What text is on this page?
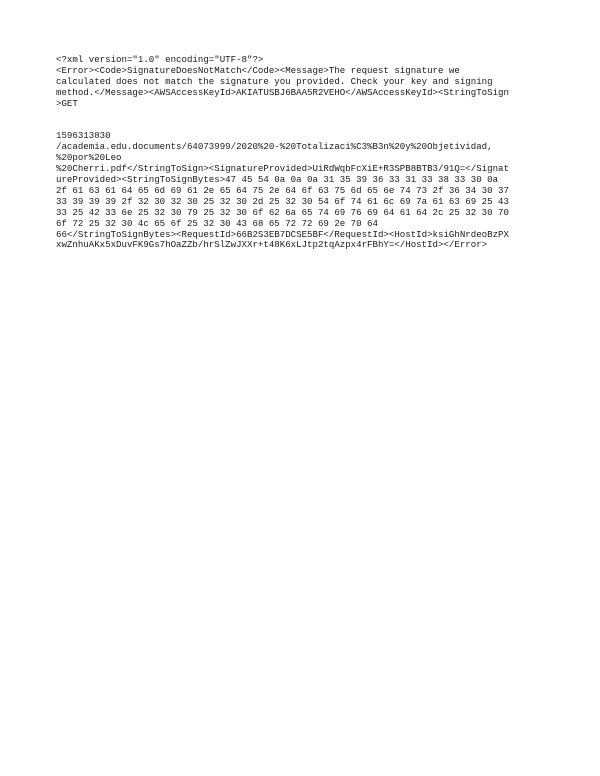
<?xml version="1.0" encoding="UTF-8"?>
<Error><Code>SignatureDoesNotMatch</Code><Message>The request signature we
calculated does not match the signature you provided. Check your key and signing
method.</Message><AWSAccessKeyId>AKIATUSBJ6BAA5R2VEHO</AWSAccessKeyId><StringToSign
>GET

1596313830
/academia.edu.documents/64073999/2020%20-%20Totalizaci%C3%B3n%20y%20Objetividad,
%20por%20Leo
%20Cherri.pdf</StringToSign><SignatureProvided>UiRdWqbFcXiE+R3SPB8BTB3/91Q=</Signat
ureProvided><StringToSignBytes>47 45 54 0a 0a 0a 31 35 39 36 33 31 33 38 33 30 0a
2f 61 63 61 64 65 6d 69 61 2e 65 64 75 2e 64 6f 63 75 6d 65 6e 74 73 2f 36 34 30 37
33 39 39 39 2f 32 30 32 30 25 32 30 2d 25 32 30 54 6f 74 61 6c 69 7a 61 63 69 25 43
33 25 42 33 6e 25 32 30 79 25 32 30 6f 62 6a 65 74 69 76 69 64 61 64 2c 25 32 30 70
6f 72 25 32 30 4c 65 6f 25 32 30 43 68 65 72 72 69 2e 70 64
66</StringToSignBytes><RequestId>66B2S3EB7DCSE5BF</RequestId><HostId>ksiGhNrdeoBzPX
xwZnhuAKx5xDuvFK9Gs7hOaZZb/hrSlZwJXXr+t48K6xLJtp2tqAzpx4rFBhY=</HostId></Error>
